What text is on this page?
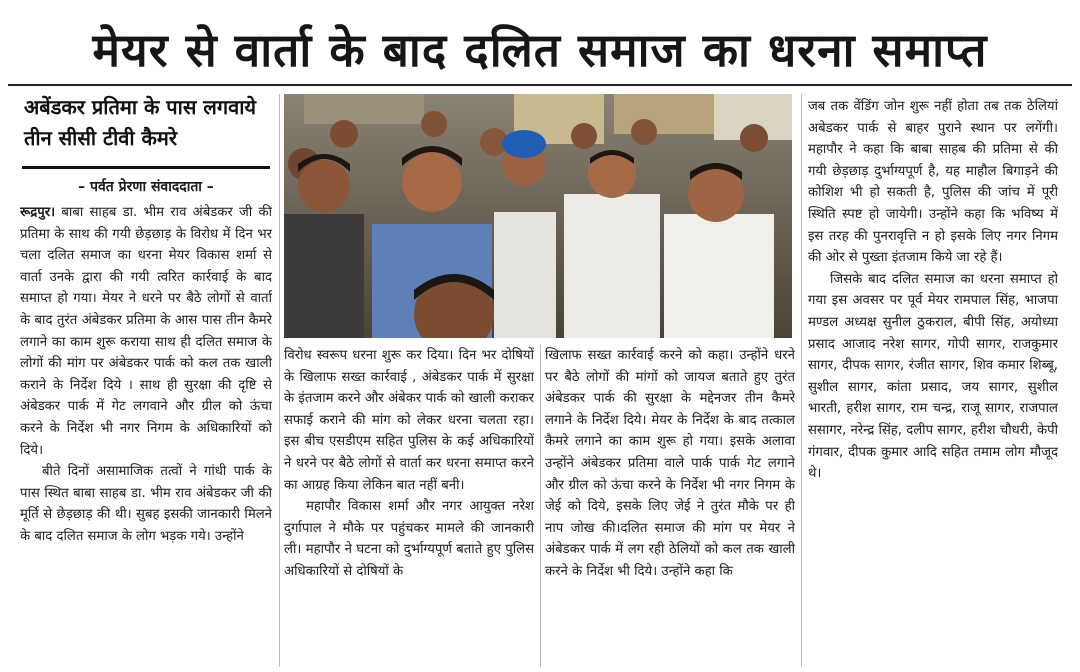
मेयर से वार्ता के बाद दलित समाज का धरना समाप्त
अबेंडकर प्रतिमा के पास लगवाये
तीन सीसी टीवी कैमरे

– पर्वत प्रेरणा संवाददाता –

रूद्रपुर। बाबा साहब डा. भीम राव अंबेडकर जी की प्रतिमा के साथ की गयी छेड़छाड़ के विरोध में दिन भर चला दलित समाज का धरना मेयर विकास शर्मा से वार्ता उनके द्वारा की गयी त्वरित कार्रवाई के बाद समाप्त हो गया। मेयर ने धरने पर बैठे लोगों से वार्ता के बाद तुरंत अंबेडकर प्रतिमा के आस पास तीन कैमरे लगाने का काम शुरू कराया साथ ही दलित समाज के लोगों की मांग पर अंबेडकर पार्क को कल तक खाली कराने के निर्देश दिये । साथ ही सुरक्षा की दृष्टि से अंबेडकर पार्क में गेट लगवाने और ग्रील को ऊंचा करने के निर्देश भी नगर निगम के अधिकारियों को दिये।

बीते दिनों असामाजिक तत्वों ने गांधी पार्क के पास स्थित बाबा साहब डा. भीम राव अंबेडकर जी की मूर्ति से छेड़छाड़ की थी। सुबह इसकी जानकारी मिलने के बाद दलित समाज के लोग भड़क गये। उन्होंने

विरोध स्वरूप धरना शुरू कर दिया। दिन भर दोषियों के खिलाफ सख्त कार्रवाई , अंबेडकर पार्क में सुरक्षा के इंतजाम करने और अंबेकर पार्क को खाली कराकर सफाई कराने की मांग को लेकर धरना चलता रहा। इस बीच एसडीएम सहित पुलिस के कई अधिकारियों ने धरने पर बैठे लोगों से वार्ता कर धरना समाप्त करने का आग्रह किया लेकिन बात नहीं बनी।

महापौर विकास शर्मा और नगर आयुक्त नरेश दुर्गापाल ने मौके पर पहुंचकर मामले की जानकारी ली। महापौर ने घटना को दुर्भाग्यपूर्ण बताते हुए पुलिस अधिकारियों से दोषियों के

खिलाफ सख्त कार्रवाई करने को कहा। उन्होंने धरने पर बैठे लोगों की मांगों को जायज बताते हुए तुरंत अंबेडकर पार्क की सुरक्षा के मद्देनजर तीन कैमरे लगाने के निर्देश दिये। मेयर के निर्देश के बाद तत्काल कैमरे लगाने का काम शुरू हो गया। इसके अलावा उन्होंने अंबेडकर प्रतिमा वाले पार्क पार्क गेट लगाने और ग्रील को ऊंचा करने के निर्देश भी नगर निगम के जेई को दिये, इसके लिए जेई ने तुरंत मौके पर ही नाप जोख की।दलित समाज की मांग पर मेयर ने अंबेडकर पार्क में लग रही ठेलियों को कल तक खाली करने के निर्देश भी दिये। उन्होंने कहा कि

जब तक वेंडिंग जोन शुरू नहीं होता तब तक ठेलियां अबेडकर पार्क से बाहर पुराने स्थान पर लगेंगी। महापौर ने कहा कि बाबा साहब की प्रतिमा से की गयी छेड़छाड़ दुर्भाग्यपूर्ण है, यह माहौल बिगाड़ने की कोशिश भी हो सकती है, पुलिस की जांच में पूरी स्थिति स्पष्ट हो जायेगी। उन्होंने कहा कि भविष्य में इस तरह की पुनरावृत्ति न हो इसके लिए नगर निगम की ओर से पुख्ता इंतजाम किये जा रहे हैं।

जिसके बाद दलित समाज का धरना समाप्त हो गया इस अवसर पर पूर्व मेयर रामपाल सिंह, भाजपा मण्डल अध्यक्ष सुनील ठुकराल, बीपी सिंह, अयोध्या प्रसाद आजाद नरेश सागर, गोपी सागर, राजकुमार सागर, दीपक सागर, रंजीत सागर, शिव कमार शिब्बू, सुशील सागर, कांता प्रसाद, जय सागर, सुशील भारती, हरीश सागर, राम चन्द्र, राजू सागर, राजपाल ससागर, नरेन्द्र सिंह, दलीप सागर, हरीश चौधरी, केपी गंगवार, दीपक कुमार आदि सहित तमाम लोग मौजूद थे।
